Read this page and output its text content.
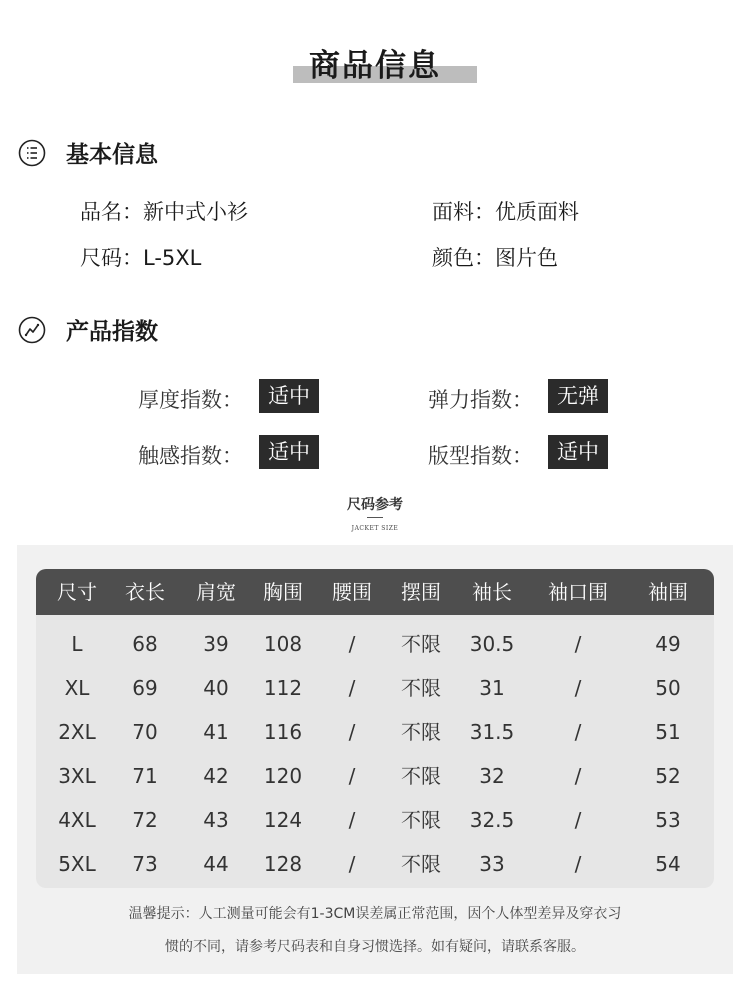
商品信息
基本信息
品名：新中式小衫	面料：优质面料
尺码：L-5XL	颜色：图片色
产品指数
厚度指数：	适中	弹力指数：	无弹
触感指数：	适中	版型指数：	适中
尺码参考
JACKET SIZE
尺寸 衣长 肩宽 胸围 腰围 摆围 袖长 袖口围 袖围
L 68 39 108 / 不限 30.5	/	49
XL 69 40 112 / 不限 31	/	50
2XL 70 41 116 / 不限 31.5	/	51
3XL 71 42 120 / 不限 32	/	52
4XL 72 43 124 / 不限 32.5	/	53
5XL 73 44 128 / 不限 33	/	54
温馨提示：人工测量可能会有1-3CM误差属正常范围，因个人体型差异及穿衣习
惯的不同，请参考尺码表和自身习惯选择。如有疑问，请联系客服。
